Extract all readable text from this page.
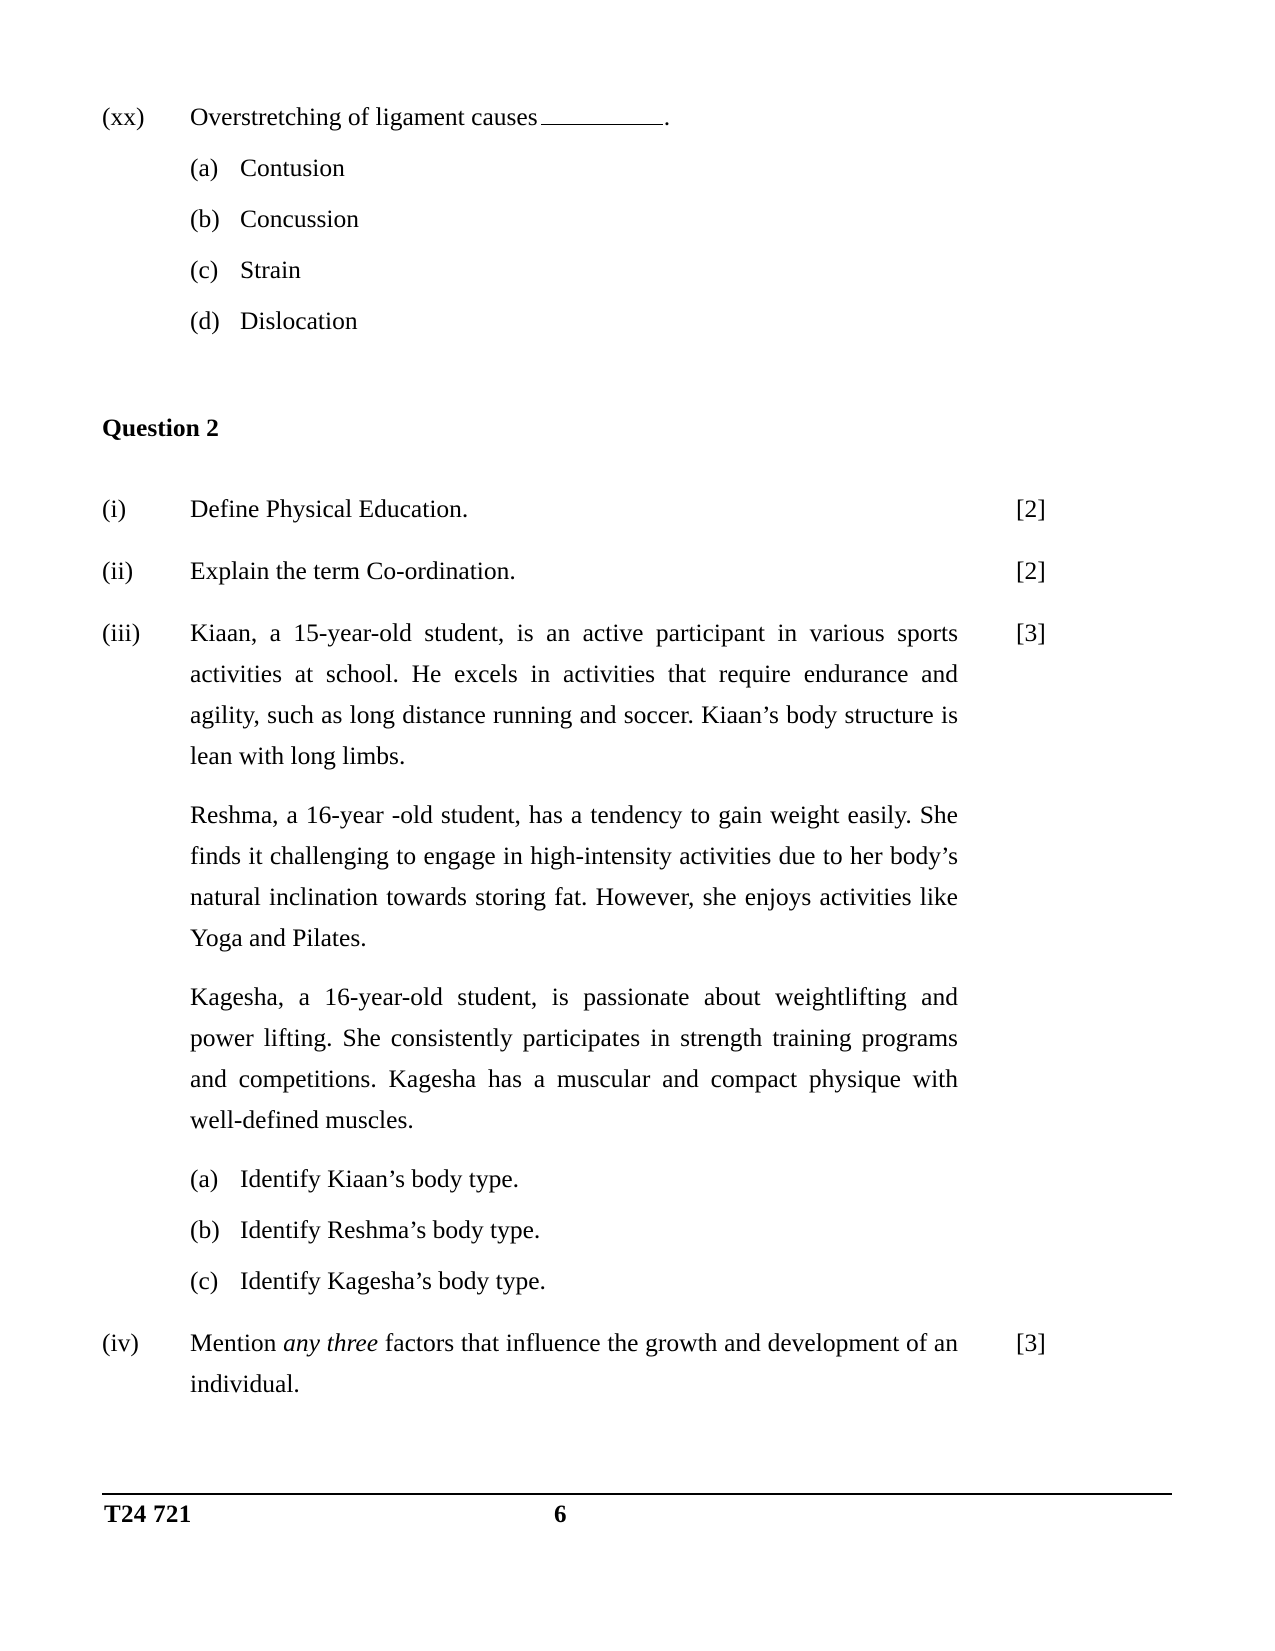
(xx)	Overstretching of ligament causes	.
(a) Contusion
(b) Concussion
(c) Strain
(d) Dislocation
Question 2
(i)	Define Physical Education.	[2]
(ii)	Explain the term Co-ordination.	[2]
(iii)	Kiaan, a 15-year-old student, is an active participant in various sports activities at school. He excels in activities that require endurance and agility, such as long distance running and soccer. Kiaan’s body structure is lean with long limbs.
Reshma, a 16-year -old student, has a tendency to gain weight easily. She finds it challenging to engage in high-intensity activities due to her body’s natural inclination towards storing fat. However, she enjoys activities like Yoga and Pilates.
Kagesha, a 16-year-old student, is passionate about weightlifting and power lifting. She consistently participates in strength training programs and competitions. Kagesha has a muscular and compact physique with well-defined muscles.
(a) Identify Kiaan’s body type.
(b) Identify Reshma’s body type.
(c) Identify Kagesha’s body type.
[3]
(iv)	Mention any three factors that influence the growth and development of an individual.
[3]
T24 721	6
